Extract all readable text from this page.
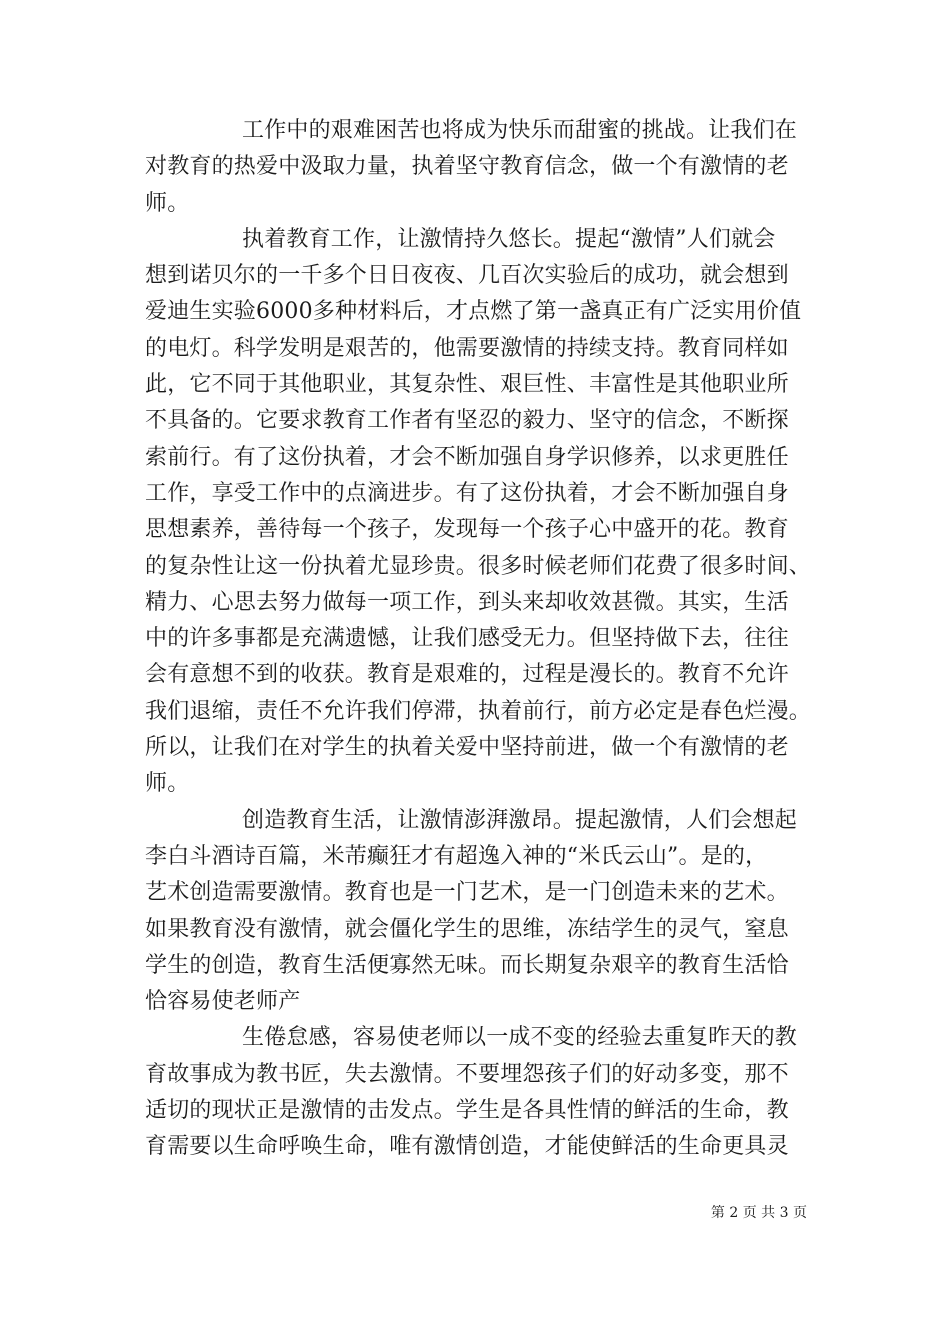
工作中的艰难困苦也将成为快乐而甜蜜的挑战。让我们在
对教育的热爱中汲取力量，执着坚守教育信念，做一个有激情的老
师。
执着教育工作，让激情持久悠长。提起“激情”人们就会
想到诺贝尔的一千多个日日夜夜、几百次实验后的成功，就会想到
爱迪生实验6000多种材料后，才点燃了第一盏真正有广泛实用价值
的电灯。科学发明是艰苦的，他需要激情的持续支持。教育同样如
此，它不同于其他职业，其复杂性、艰巨性、丰富性是其他职业所
不具备的。它要求教育工作者有坚忍的毅力、坚守的信念，不断探
索前行。有了这份执着，才会不断加强自身学识修养，以求更胜任
工作，享受工作中的点滴进步。有了这份执着，才会不断加强自身
思想素养，善待每一个孩子，发现每一个孩子心中盛开的花。教育
的复杂性让这一份执着尤显珍贵。很多时候老师们花费了很多时间、
精力、心思去努力做每一项工作，到头来却收效甚微。其实，生活
中的许多事都是充满遗憾，让我们感受无力。但坚持做下去，往往
会有意想不到的收获。教育是艰难的，过程是漫长的。教育不允许
我们退缩，责任不允许我们停滞，执着前行，前方必定是春色烂漫。
所以，让我们在对学生的执着关爱中坚持前进，做一个有激情的老
师。
创造教育生活，让激情澎湃激昂。提起激情，人们会想起
李白斗酒诗百篇，米芾癫狂才有超逸入神的“米氏云山”。是的，
艺术创造需要激情。教育也是一门艺术，是一门创造未来的艺术。
如果教育没有激情，就会僵化学生的思维，冻结学生的灵气，窒息
学生的创造，教育生活便寡然无味。而长期复杂艰辛的教育生活恰
恰容易使老师产
生倦怠感，容易使老师以一成不变的经验去重复昨天的教
育故事成为教书匠，失去激情。不要埋怨孩子们的好动多变，那不
适切的现状正是激情的击发点。学生是各具性情的鲜活的生命，教
育需要以生命呼唤生命，唯有激情创造，才能使鲜活的生命更具灵
第 2 页 共 3 页
